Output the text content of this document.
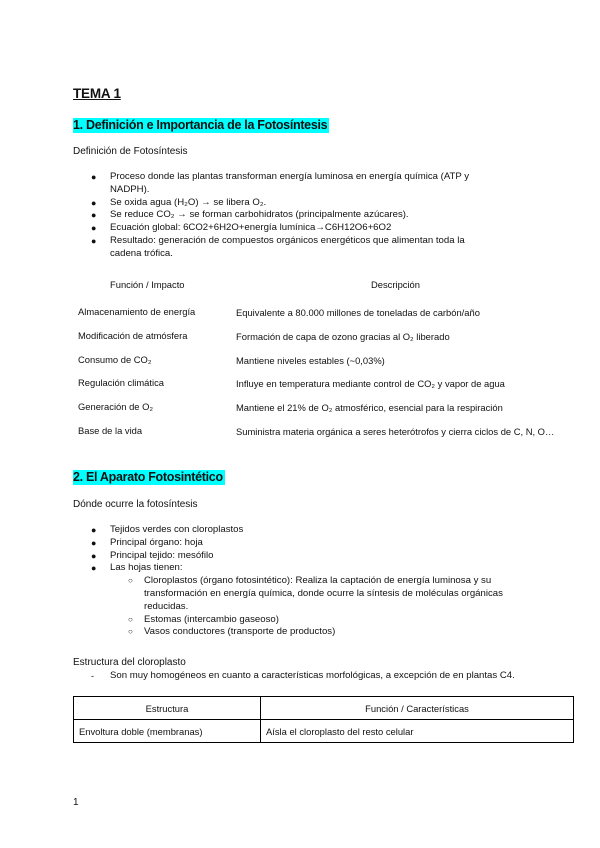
TEMA 1
1. Definición e Importancia de la Fotosíntesis
Definición de Fotosíntesis
● Proceso donde las plantas transforman energía luminosa en energía química (ATP y NADPH).
● Se oxida agua (H₂O) → se libera O₂.
● Se reduce CO₂ → se forman carbohidratos (principalmente azúcares).
● Ecuación global: 6CO2+6H2O+energía lumínica→C6H12O6+6O2
● Resultado: generación de compuestos orgánicos energéticos que alimentan toda la cadena trófica.
Función / Impacto	Descripción
Almacenamiento de energía	Equivalente a 80.000 millones de toneladas de carbón/año
Modificación de atmósfera	Formación de capa de ozono gracias al O₂ liberado
Consumo de CO₂	Mantiene niveles estables (~0,03%)
Regulación climática	Influye en temperatura mediante control de CO₂ y vapor de agua
Generación de O₂	Mantiene el 21% de O₂ atmosférico, esencial para la respiración
Base de la vida	Suministra materia orgánica a seres heterótrofos y cierra ciclos de C, N, O…
2. El Aparato Fotosintético
Dónde ocurre la fotosíntesis
● Tejidos verdes con cloroplastos
● Principal órgano: hoja
● Principal tejido: mesófilo
● Las hojas tienen:
○ Cloroplastos (órgano fotosintético): Realiza la captación de energía luminosa y su transformación en energía química, donde ocurre la síntesis de moléculas orgánicas reducidas.
○ Estomas (intercambio gaseoso)
○ Vasos conductores (transporte de productos)
Estructura del cloroplasto
- Son muy homogéneos en cuanto a características morfológicas, a excepción de en plantas C4.
Estructura	Función / Características
Envoltura doble (membranas)	Aísla el cloroplasto del resto celular
1
